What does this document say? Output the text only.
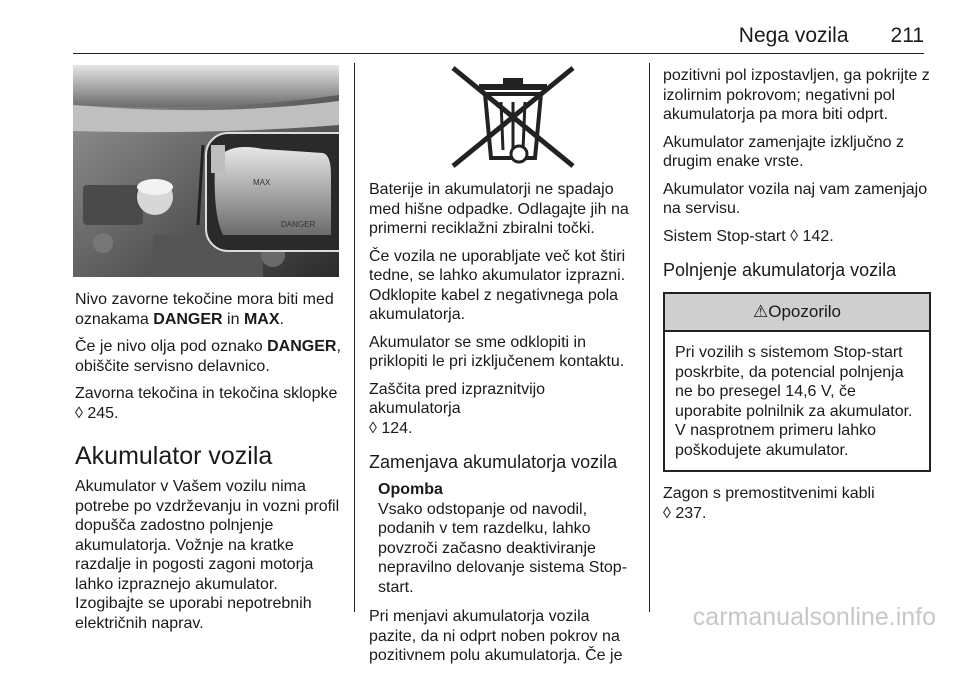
Nega vozila 211
MAX
DANGER

Nivo zavorne tekočine mora biti med oznakama DANGER in MAX.

Če je nivo olja pod oznako DANGER, obiščite servisno delavnico.

Zavorna tekočina in tekočina sklopke
◊ 245.

Akumulator vozila

Akumulator v Vašem vozilu nima potrebe po vzdrževanju in vozni profil dopušča zadostno polnjenje akumulatorja. Vožnje na kratke razdalje in pogosti zagoni motorja lahko izpraznejo akumulator. Izogibajte se uporabi nepotrebnih električnih naprav.

Baterije in akumulatorji ne spadajo med hišne odpadke. Odlagajte jih na primerni reciklažni zbiralni točki.

Če vozila ne uporabljate več kot štiri tedne, se lahko akumulator izprazni. Odklopite kabel z negativnega pola akumulatorja.

Akumulator se sme odklopiti in priklopiti le pri izključenem kontaktu.

Zaščita pred izpraznitvijo akumulatorja
◊ 124.

Zamenjava akumulatorja vozila

Opomba

Vsako odstopanje od navodil, podanih v tem razdelku, lahko povzroči začasno deaktiviranje nepravilno delovanje sistema Stop-start.

Pri menjavi akumulatorja vozila pazite, da ni odprt noben pokrov na pozitivnem polu akumulatorja. Če je

pozitivni pol izpostavljen, ga pokrijte z izolirnim pokrovom; negativni pol akumulatorja pa mora biti odprt.

Akumulator zamenjajte izključno z drugim enake vrste.

Akumulator vozila naj vam zamenjajo na servisu.

Sistem Stop-start ◊ 142.

Polnjenje akumulatorja vozila
⚠Opozorilo

Pri vozilih s sistemom Stop-start poskrbite, da potencial polnjenja ne bo presegel 14,6 V, če uporabite polnilnik za akumulator. V nasprotnem primeru lahko poškodujete akumulator.

Zagon s premostitvenimi kabli
◊ 237.

carmanualsonline.info
